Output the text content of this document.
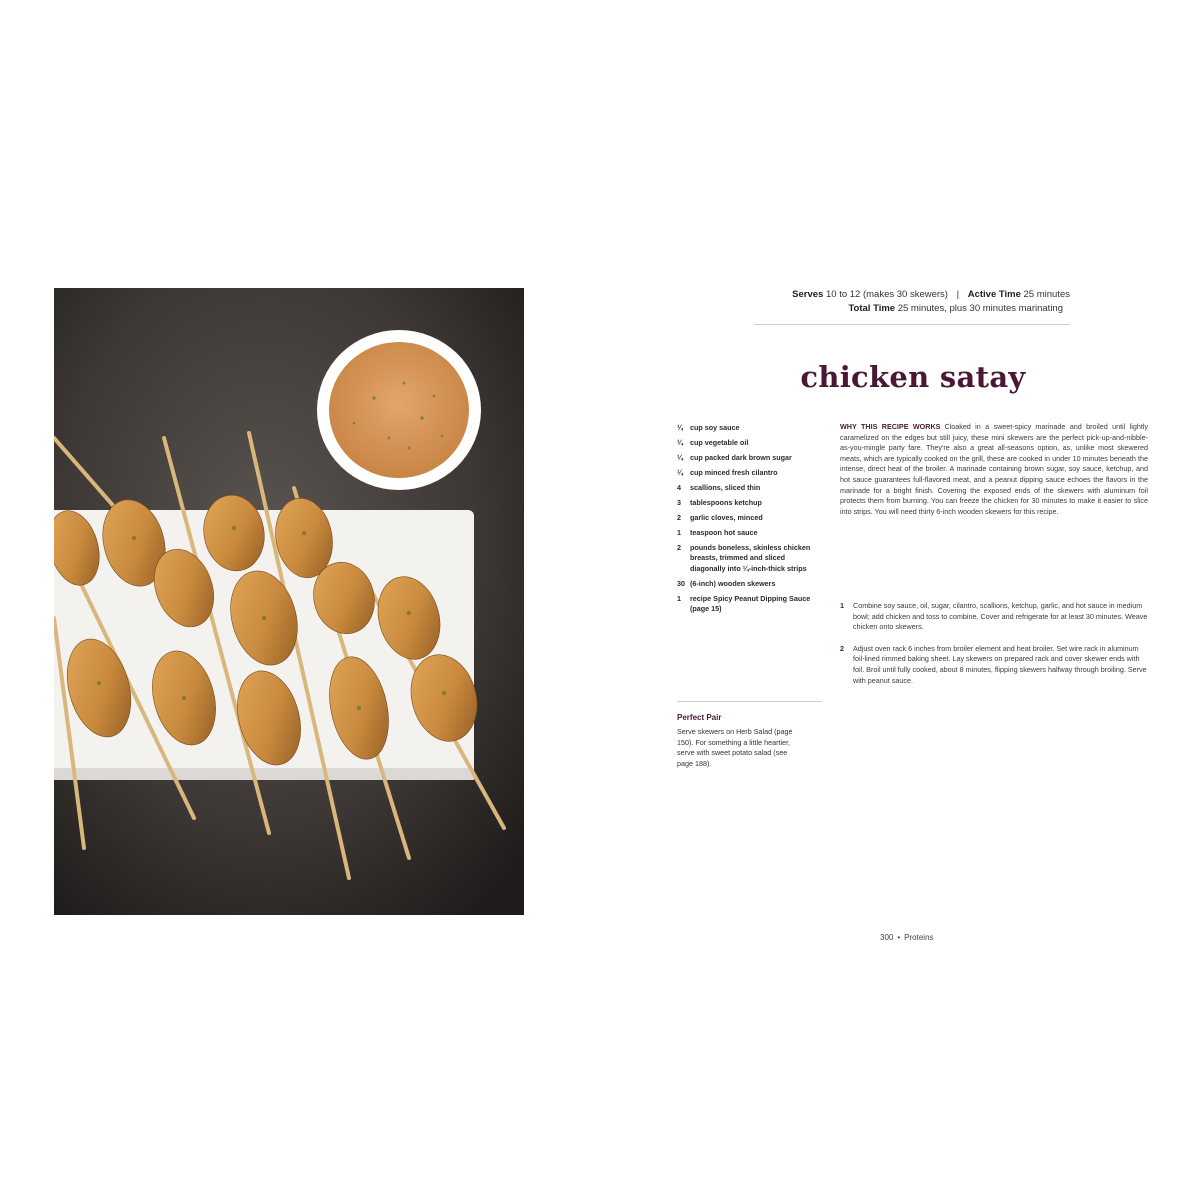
Serves 10 to 12 (makes 30 skewers) | Active Time 25 minutes
Total Time 25 minutes, plus 30 minutes marinating
chicken satay
¼ cup soy sauce
¼ cup vegetable oil
¼ cup packed dark brown sugar
¼ cup minced fresh cilantro
4	scallions, sliced thin
3	tablespoons ketchup
2	garlic cloves, minced
1	teaspoon hot sauce
2	pounds boneless, skinless chicken breasts, trimmed and sliced diagonally into ¼-inch-thick strips
30 (6-inch) wooden skewers
1	recipe Spicy Peanut Dipping Sauce (page 15)
Perfect Pair
Serve skewers on Herb Salad (page 150). For something a little heartier, serve with sweet potato salad (see page 188).
WHY THIS RECIPE WORKS Cloaked in a sweet-spicy marinade and broiled until lightly caramelized on the edges but still juicy, these mini skewers are the perfect pick-up-and-nibble-as-you-mingle party fare. They're also a great all-seasons option, as, unlike most skewered meats, which are typically cooked on the grill, these are cooked in under 10 minutes beneath the intense, direct heat of the broiler. A marinade containing brown sugar, soy sauce, ketchup, and hot sauce guarantees full-flavored meat, and a peanut dipping sauce echoes the flavors in the marinade for a bright finish. Covering the exposed ends of the skewers with aluminum foil protects them from burning. You can freeze the chicken for 30 minutes to make it easier to slice into strips. You will need thirty 6-inch wooden skewers for this recipe.
1	Combine soy sauce, oil, sugar, cilantro, scallions, ketchup, garlic, and hot sauce in medium bowl; add chicken and toss to combine. Cover and refrigerate for at least 30 minutes. Weave chicken onto skewers.
2	Adjust oven rack 6 inches from broiler element and heat broiler. Set wire rack in aluminum foil-lined rimmed baking sheet. Lay skewers on prepared rack and cover skewer ends with foil. Broil until fully cooked, about 8 minutes, flipping skewers halfway through broiling. Serve with peanut sauce.
300 • Proteins
